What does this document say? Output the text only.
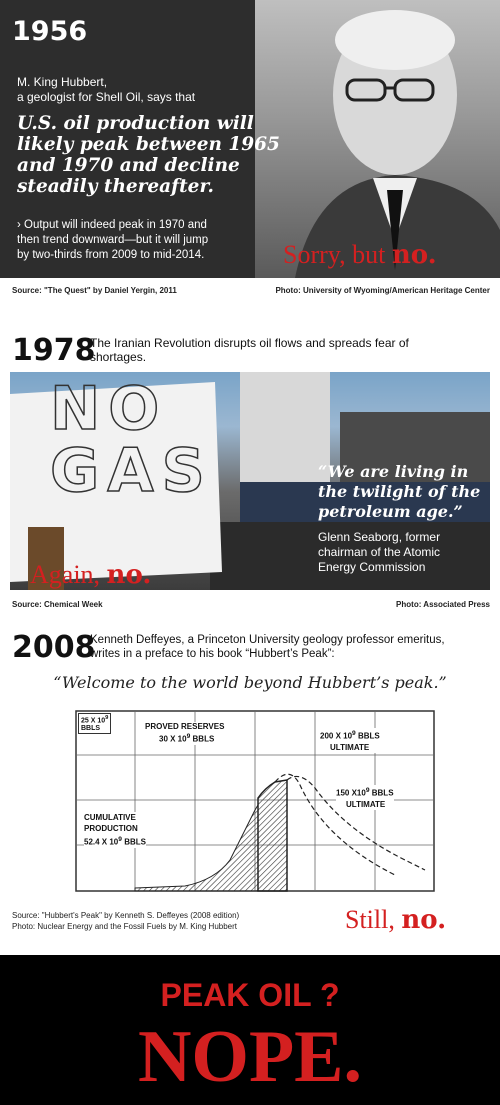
1956
M. King Hubbert,
a geologist for Shell Oil, says that
U.S. oil production will
likely peak between 1965
and 1970 and decline
steadily thereafter.
› Output will indeed peak in 1970 and
then trend downward—but it will jump
by two-thirds from 2009 to mid-2014.	Sorry, but no.
Source: "The Quest" by Daniel Yergin, 2011	Photo: University of Wyoming/American Heritage Center
1978
The Iranian Revolution disrupts oil flows and spreads fear of
shortages.
NO
GAS	“We are living in
the twilight of the
petroleum age.”
Glenn Seaborg, former
chairman of the Atomic
Energy Commission
Again, no.
Source: Chemical Week	Photo: Associated Press
2008
Kenneth Deffeyes, a Princeton University geology professor emeritus,
writes in a preface to his book “Hubbert’s Peak”:
“Welcome to the world beyond Hubbert’s peak.”
25 X $10^9$
BBLS	PROVED RESERVES
30 X $10^9$ BBLS	200 X $10^9$ BBLS
ULTIMATE
150 $X10^9$ BBLS
ULTIMATE
CUMULATIVE
PRODUCTION
52.4 X $10^9$ BBLS
Source: "Hubbert's Peak" by Kenneth S. Deffeyes (2008 edition)
Photo: Nuclear Energy and the Fossil Fuels by M. King Hubbert	Still, no.
PEAK OIL ?
NOPE.
